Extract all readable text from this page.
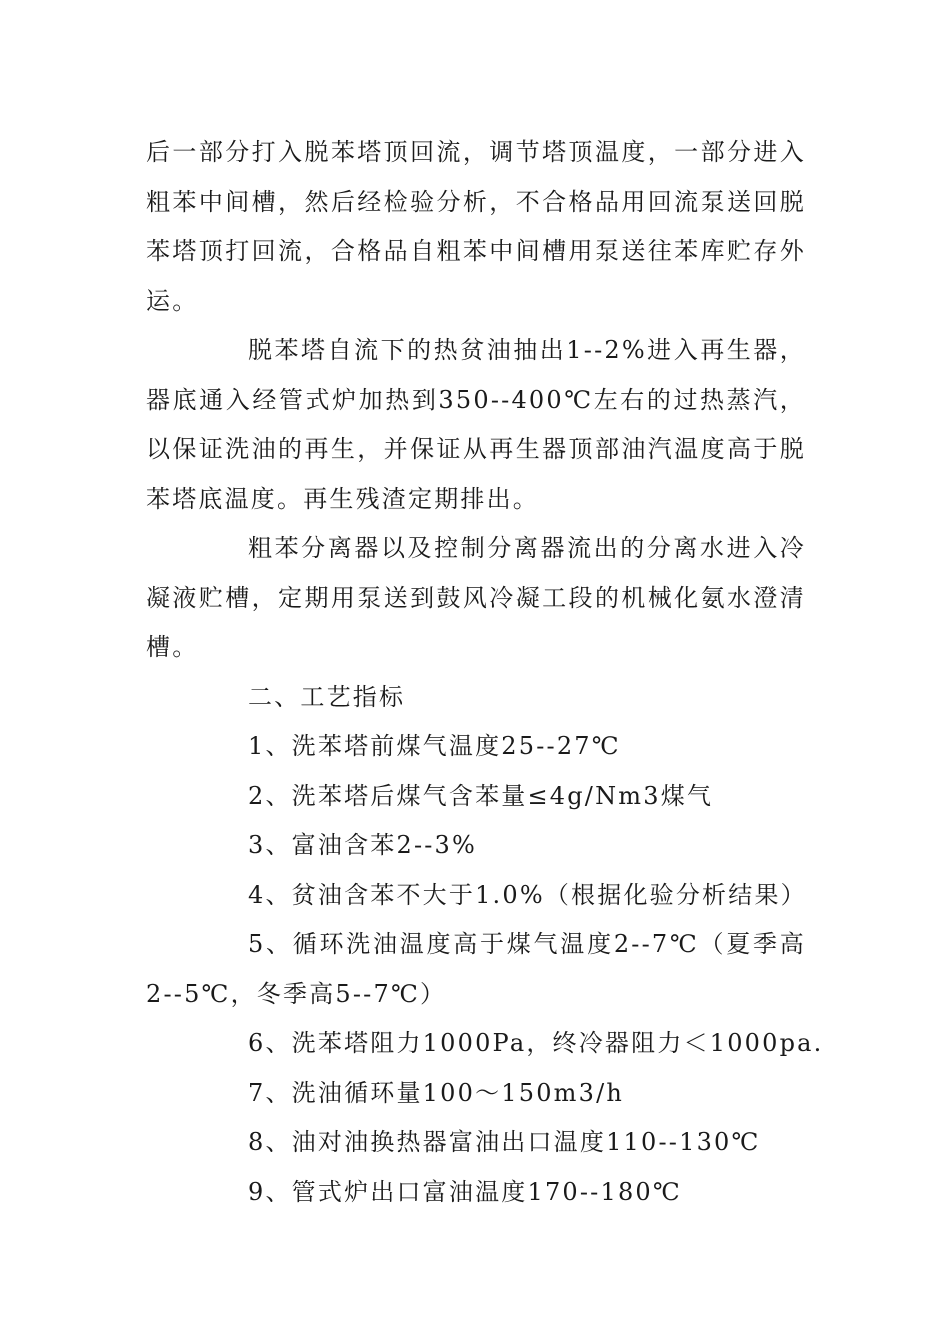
后一部分打入脱苯塔顶回流，调节塔顶温度，一部分进入粗苯中间槽，然后经检验分析，不合格品用回流泵送回脱苯塔顶打回流，合格品自粗苯中间槽用泵送往苯库贮存外运。

脱苯塔自流下的热贫油抽出1--2%进入再生器，器底通入经管式炉加热到350--400℃左右的过热蒸汽，以保证洗油的再生，并保证从再生器顶部油汽温度高于脱苯塔底温度。再生残渣定期排出。

粗苯分离器以及控制分离器流出的分离水进入冷凝液贮槽，定期用泵送到鼓风冷凝工段的机械化氨水澄清槽。

二、工艺指标

1、洗苯塔前煤气温度25--27℃

2、洗苯塔后煤气含苯量≤4g/Nm3煤气

3、富油含苯2--3%

4、贫油含苯不大于1.0%（根据化验分析结果）

5、循环洗油温度高于煤气温度2--7℃（夏季高2--5℃，冬季高5--7℃）

6、洗苯塔阻力1000Pa，终冷器阻力＜1000pa.

7、洗油循环量100～150m3/h

8、油对油换热器富油出口温度110--130℃

9、管式炉出口富油温度170--180℃
